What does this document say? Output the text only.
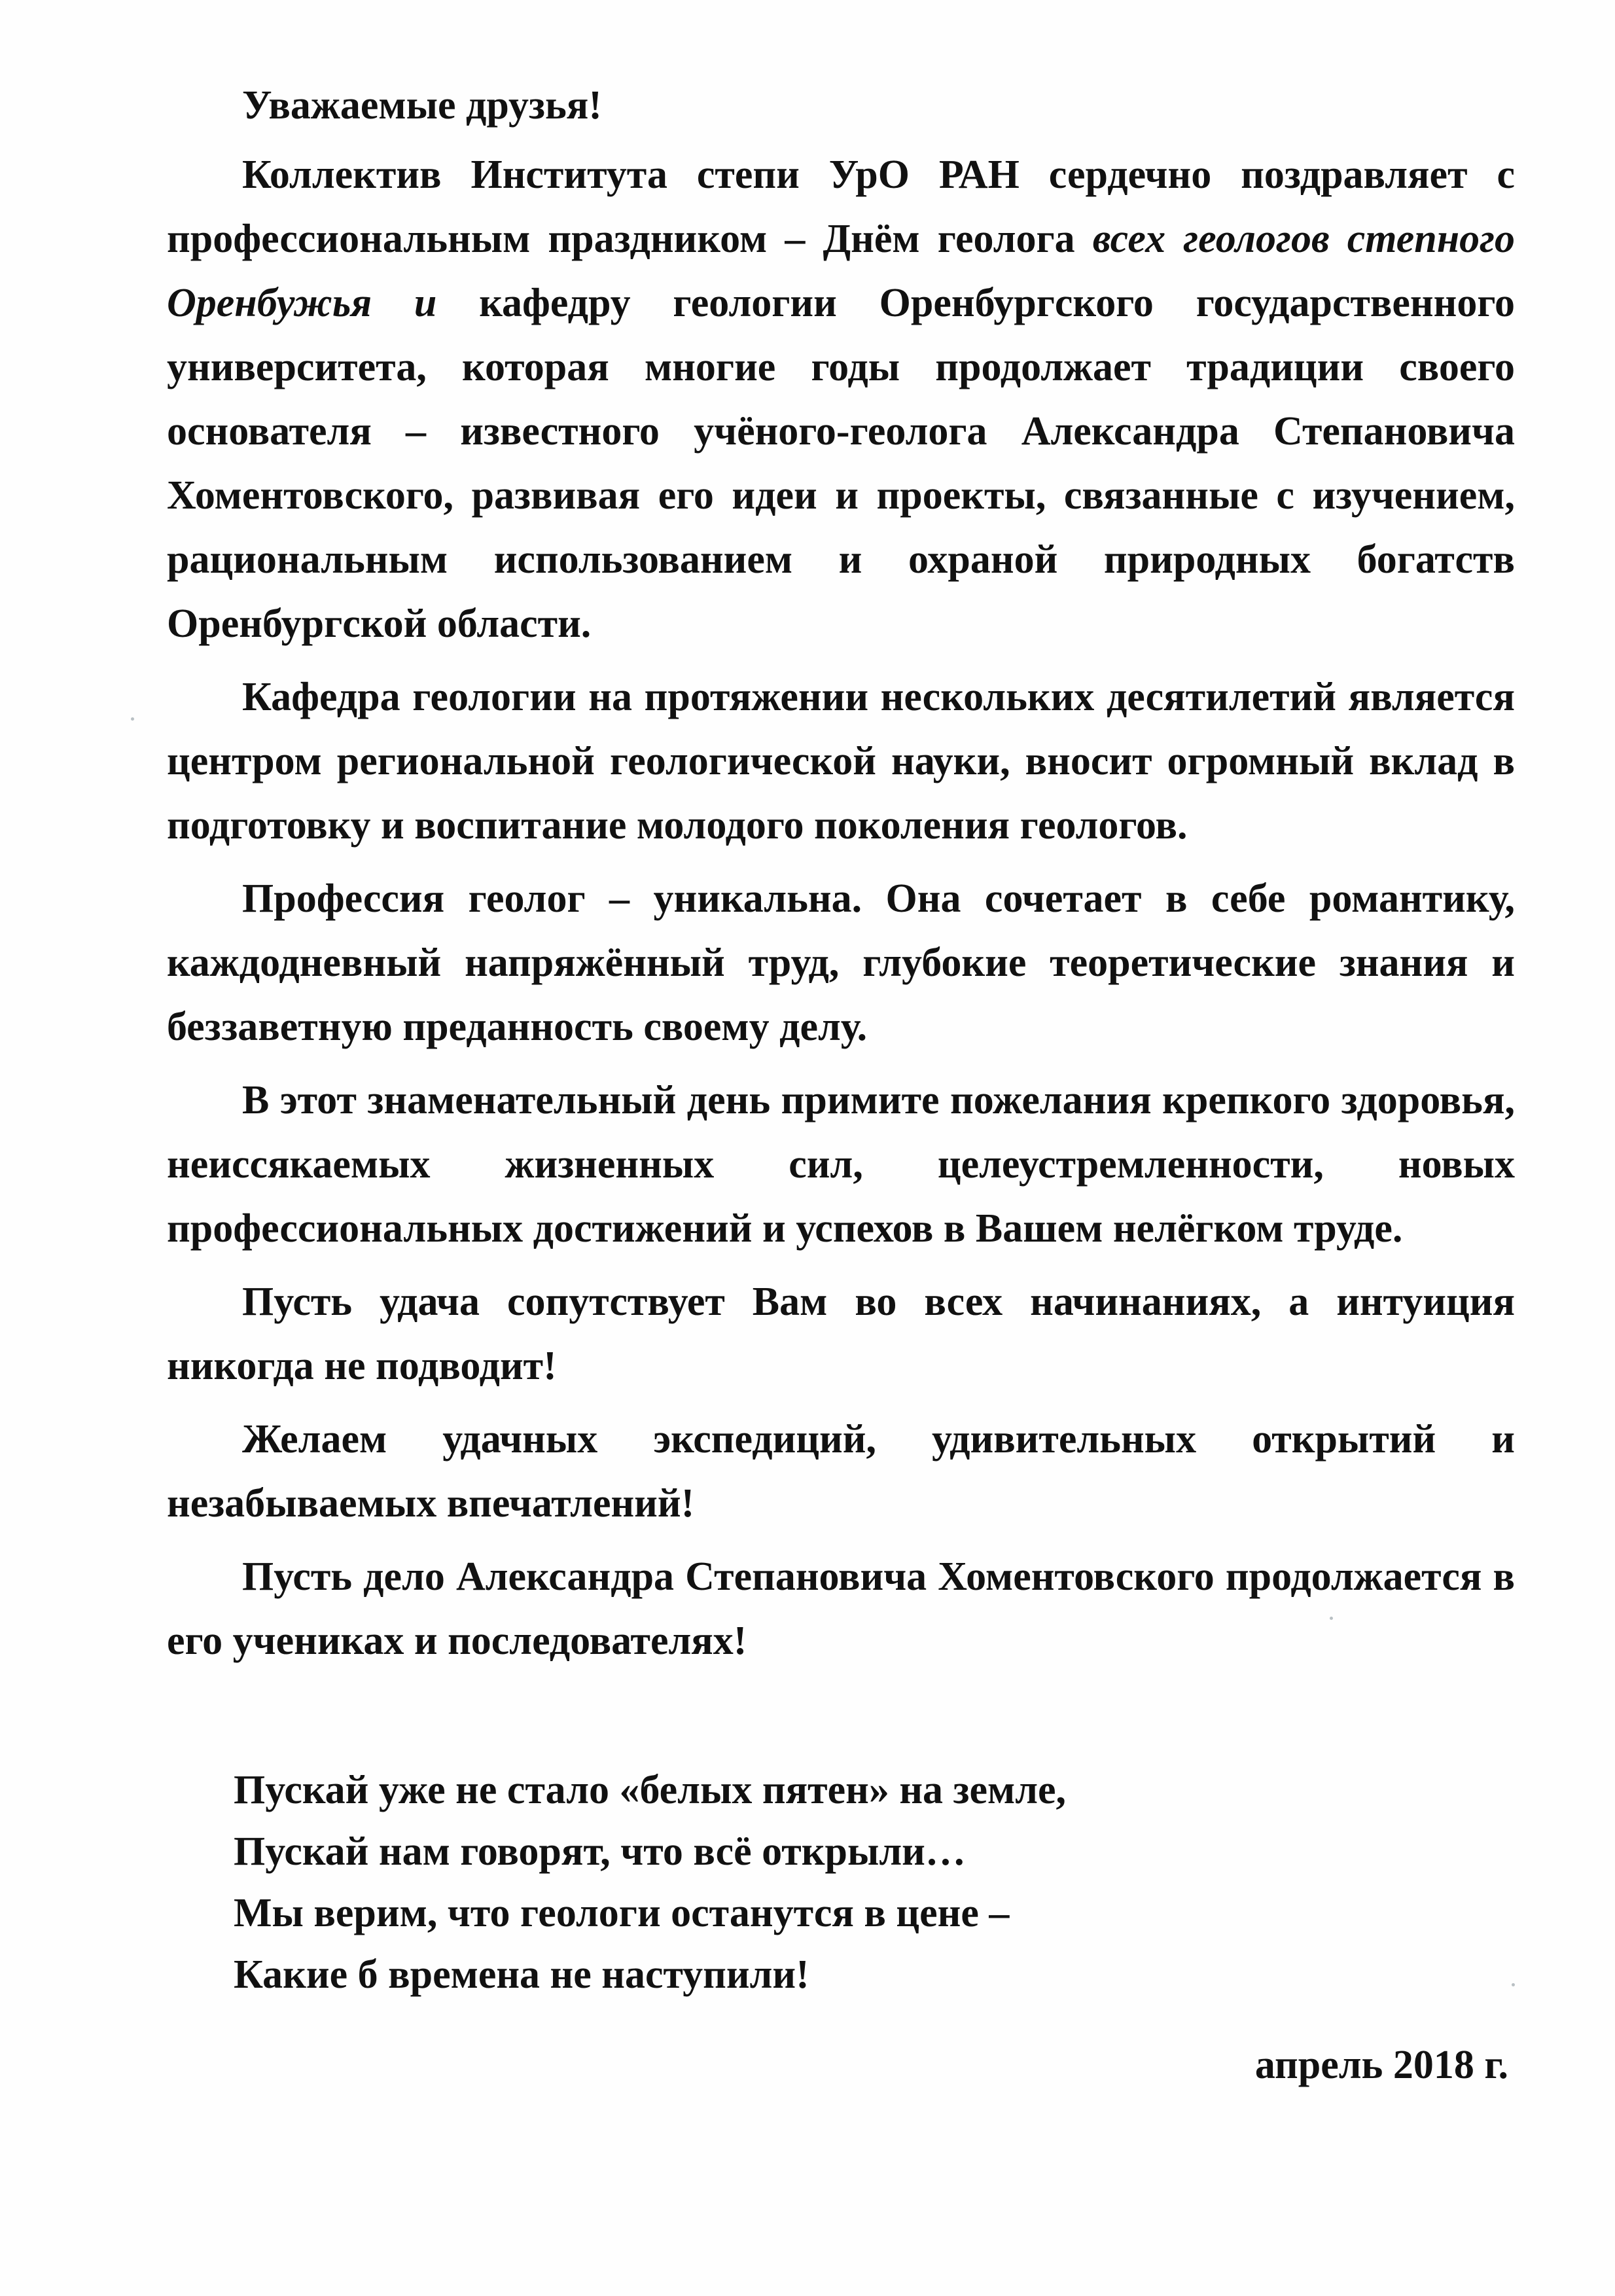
Уважаемые друзья!

Коллектив Института степи УрО РАН сердечно поздравляет с профессиональным праздником – Днём геолога всех геологов степного Оренбужья и кафедру геологии Оренбургского государственного университета, которая многие годы продолжает традиции своего основателя – известного учёного-геолога Александра Степановича Хоментовского, развивая его идеи и проекты, связанные с изучением, рациональным использованием и охраной природных богатств Оренбургской области.

Кафедра геологии на протяжении нескольких десятилетий является центром региональной геологической науки, вносит огромный вклад в подготовку и воспитание молодого поколения геологов.

Профессия геолог – уникальна. Она сочетает в себе романтику, каждодневный напряжённый труд, глубокие теоретические знания и беззаветную преданность своему делу.

В этот знаменательный день примите пожелания крепкого здоровья, неиссякаемых жизненных сил, целеустремленности, новых профессиональных достижений и успехов в Вашем нелёгком труде.

Пусть удача сопутствует Вам во всех начинаниях, а интуиция никогда не подводит!

Желаем удачных экспедиций, удивительных открытий и незабываемых впечатлений!

Пусть дело Александра Степановича Хоментовского продолжается в его учениках и последователях!

Пускай уже не стало «белых пятен» на земле,
Пускай нам говорят, что всё открыли…
Мы верим, что геологи останутся в цене –
Какие б времена не наступили!
апрель 2018 г.
